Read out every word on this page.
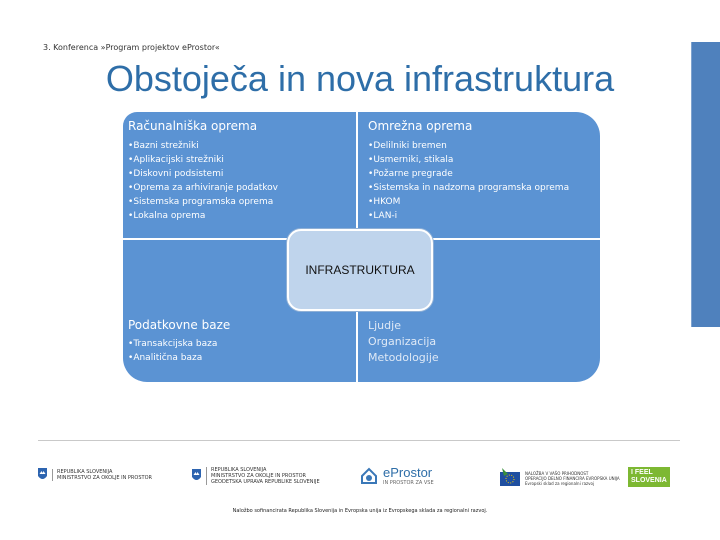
3. Konferenca »Program projektov eProstor«
Obstoječa in nova infrastruktura
Računalniška oprema
• Bazni strežniki
• Aplikacijski strežniki
• Diskovni podsistemi
• Oprema za arhiviranje podatkov
• Sistemska programska oprema
• Lokalna oprema
Omrežna oprema
• Delilniki bremen
• Usmerniki, stikala
• Požarne pregrade
• Sistemska in nadzorna programska oprema
• HKOM
• LAN-i
Podatkovne baze
• Transakcijska baza
• Analitična baza
Ljudje
Organizacija
Metodologije
INFRASTRUKTURA
REPUBLIKA SLOVENIJA
MINISTRSTVO ZA OKOLJE IN PROSTOR
REPUBLIKA SLOVENIJA
MINISTRSTVO ZA OKOLJE IN PROSTOR
GEODETSKA UPRAVA REPUBLIKE SLOVENIJE
eProstor
IN PROSTOR ZA VSE
NALOŽBA V VAŠO PRIHODNOST
OPERACIJO DELNO FINANCIRA EVROPSKA UNIJA
Evropski sklad za regionalni razvoj
I FEEL
SLOVENIA
Naložbo sofinancirata Republika Slovenija in Evropska unija iz Evropskega sklada za regionalni razvoj.
